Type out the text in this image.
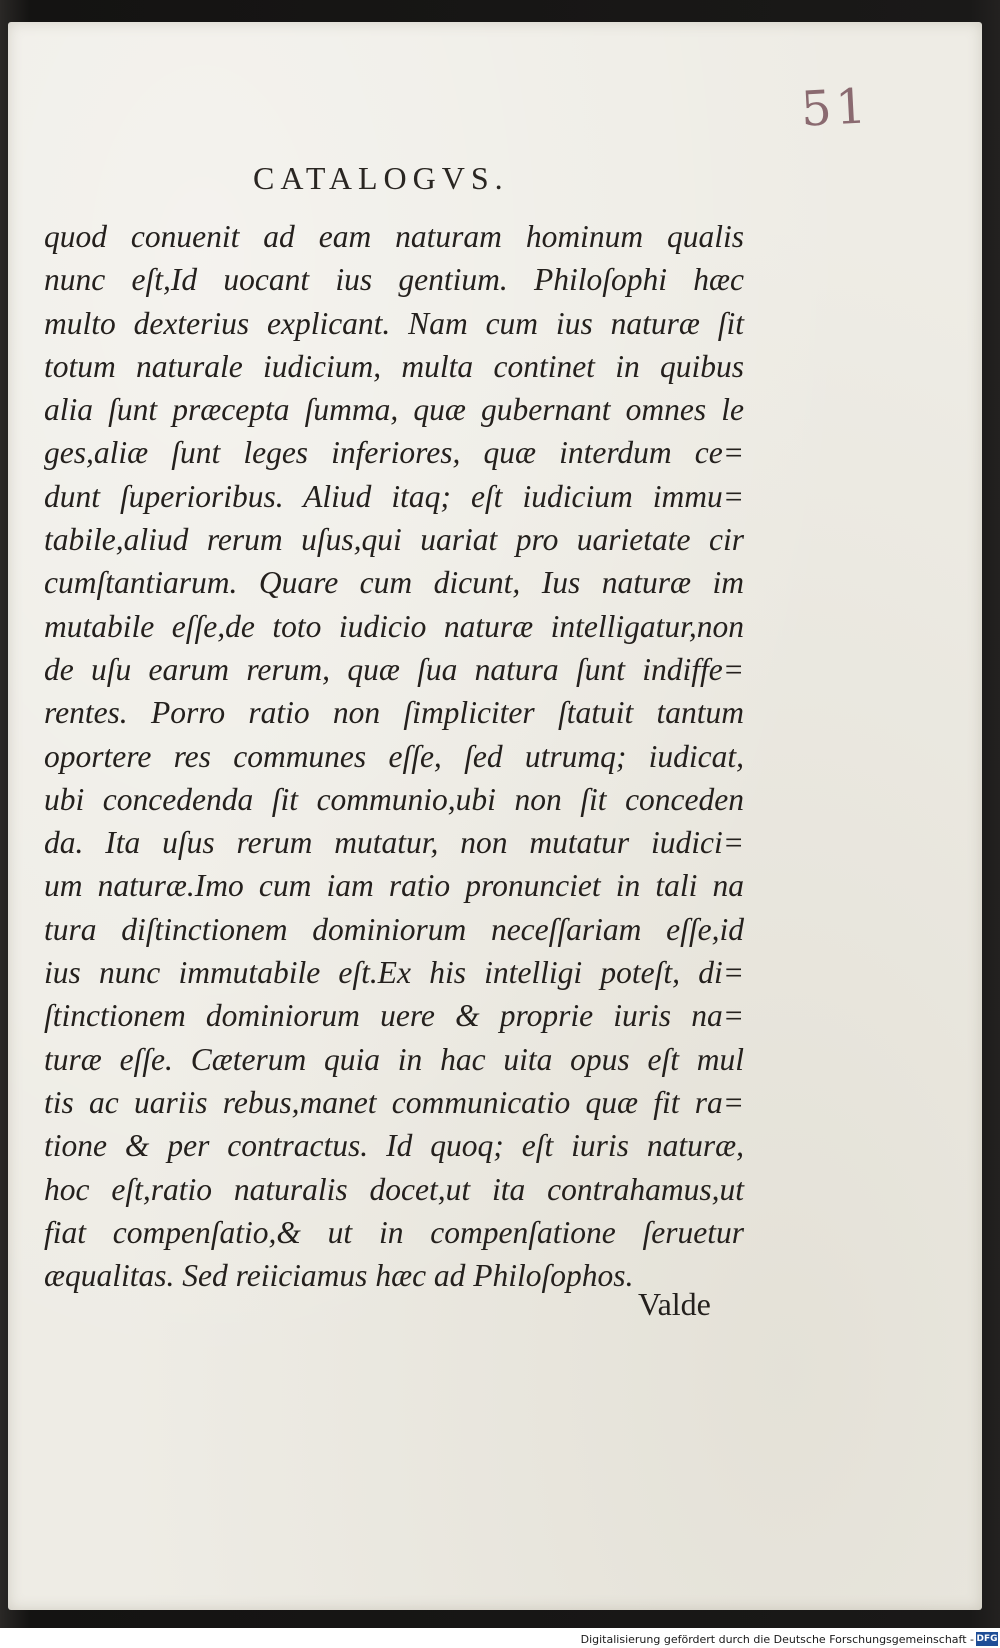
51
CATALOGVS.
quod conuenit ad eam naturam hominum qualis
nunc eſt,Id uocant ius gentium. Philoſophi hæc
multo dexterius explicant. Nam cum ius naturæ ſit
totum naturale iudicium, multa continet in quibus
alia ſunt præcepta ſumma, quæ gubernant omnes le
ges,aliæ ſunt leges inferiores, quæ interdum ce=
dunt ſuperioribus. Aliud itaq; eſt iudicium immu=
tabile,aliud rerum uſus,qui uariat pro uarietate cir
cumſtantiarum. Quare cum dicunt, Ius naturæ im
mutabile eſſe,de toto iudicio naturæ intelligatur,non
de uſu earum rerum, quæ ſua natura ſunt indiffe=
rentes. Porro ratio non ſimpliciter ſtatuit tantum
oportere res communes eſſe, ſed utrumq; iudicat,
ubi concedenda ſit communio,ubi non ſit conceden
da. Ita uſus rerum mutatur, non mutatur iudici=
um naturæ.Imo cum iam ratio pronunciet in tali na
tura diſtinctionem dominiorum neceſſariam eſſe,id
ius nunc immutabile eſt.Ex his intelligi poteſt, di=
ſtinctionem dominiorum uere & proprie iuris na=
turæ eſſe. Cæterum quia in hac uita opus eſt mul
tis ac uariis rebus,manet communicatio quæ fit ra=
tione & per contractus. Id quoq; eſt iuris naturæ,
hoc eſt,ratio naturalis docet,ut ita contrahamus,ut
fiat compenſatio,& ut in compenſatione ſeruetur
æqualitas. Sed reiiciamus hæc ad Philoſophos.
Valde
Digitalisierung gefördert durch die Deutsche Forschungsgemeinschaft - DFG
